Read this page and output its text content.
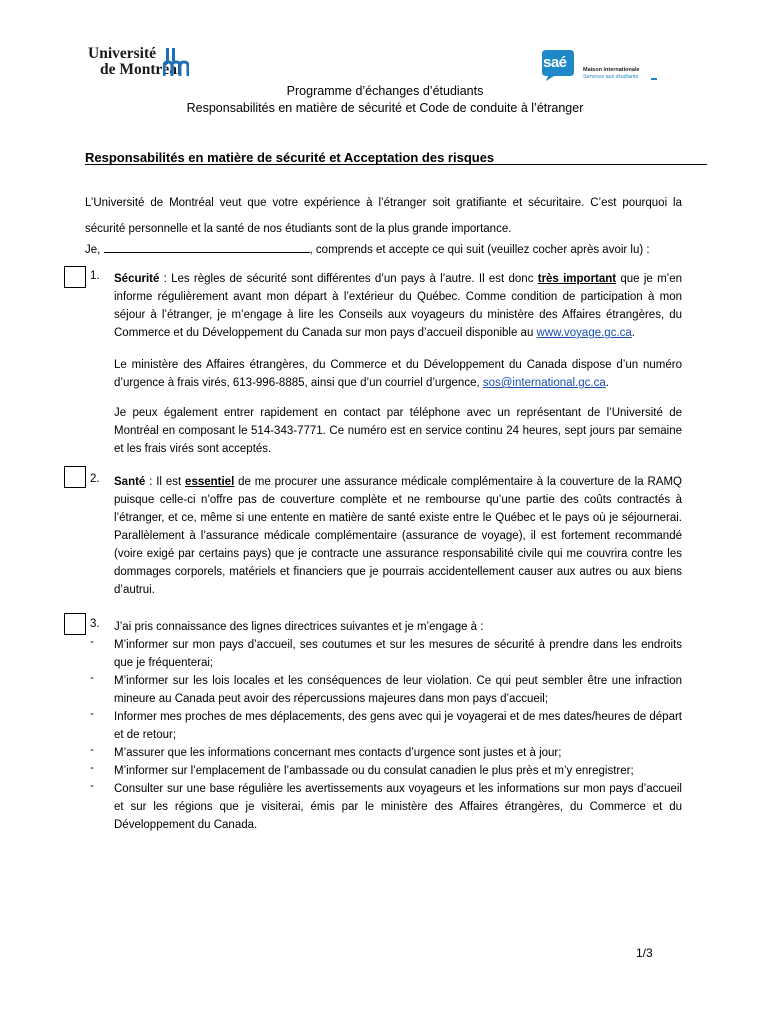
Université
de Montréal	saé	Maison internationale
Services aux étudiants
Programme d’échanges d’étudiants
Responsabilités en matière de sécurité et Code de conduite à l’étranger
Responsabilités en matière de sécurité et Acceptation des risques
L’Université de Montréal veut que votre expérience à l’étranger soit gratifiante et sécuritaire. C’est pourquoi la sécurité personnelle et la santé de nos étudiants sont de la plus grande importance.
Je,	, comprends et accepte ce qui suit (veuillez cocher après avoir lu) :
1. Sécurité : Les règles de sécurité sont différentes d’un pays à l’autre. Il est donc très important que je m’en informe régulièrement avant mon départ à l’extérieur du Québec. Comme condition de participation à mon séjour à l’étranger, je m’engage à lire les Conseils aux voyageurs du ministère des Affaires étrangères, du Commerce et du Développement du Canada sur mon pays d’accueil disponible au www.voyage.gc.ca.
Le ministère des Affaires étrangères, du Commerce et du Développement du Canada dispose d’un numéro d’urgence à frais virés, 613-996-8885, ainsi que d’un courriel d’urgence, sos@international.gc.ca.
Je peux également entrer rapidement en contact par téléphone avec un représentant de l’Université de Montréal en composant le 514-343-7771. Ce numéro est en service continu 24 heures, sept jours par semaine et les frais virés sont acceptés.
2. Santé : Il est essentiel de me procurer une assurance médicale complémentaire à la couverture de la RAMQ puisque celle-ci n’offre pas de couverture complète et ne rembourse qu’une partie des coûts contractés à l’étranger, et ce, même si une entente en matière de santé existe entre le Québec et le pays où je séjournerai. Parallèlement à l’assurance médicale complémentaire (assurance de voyage), il est fortement recommandé (voire exigé par certains pays) que je contracte une assurance responsabilité civile qui me couvrira contre les dommages corporels, matériels et financiers que je pourrais accidentellement causer aux autres ou aux biens d’autrui.
3. J’ai pris connaissance des lignes directrices suivantes et je m’engage à :
- M’informer sur mon pays d’accueil, ses coutumes et sur les mesures de sécurité à prendre dans les endroits que je fréquenterai;
- M’informer sur les lois locales et les conséquences de leur violation. Ce qui peut sembler être une infraction mineure au Canada peut avoir des répercussions majeures dans mon pays d’accueil;
- Informer mes proches de mes déplacements, des gens avec qui je voyagerai et de mes dates/heures de départ et de retour;
- M’assurer que les informations concernant mes contacts d’urgence sont justes et à jour;
- M’informer sur l’emplacement de l’ambassade ou du consulat canadien le plus près et m’y enregistrer;
- Consulter sur une base régulière les avertissements aux voyageurs et les informations sur mon pays d’accueil et sur les régions que je visiterai, émis par le ministère des Affaires étrangères, du Commerce et du Développement du Canada.
1/3
